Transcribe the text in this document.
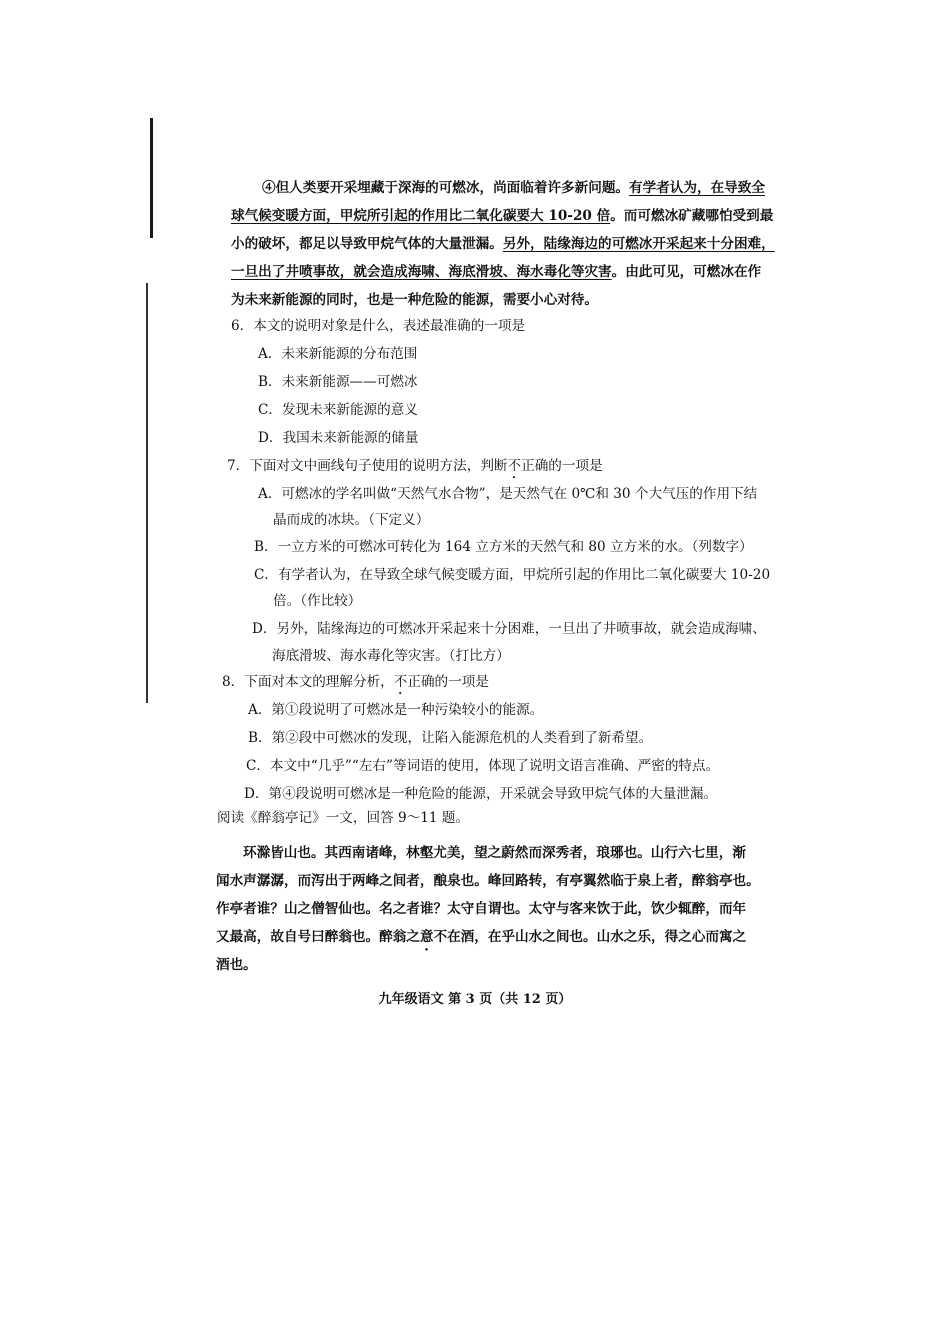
④但人类要开采埋藏于深海的可燃冰，尚面临着许多新问题。有学者认为，在导致全
球气候变暖方面，甲烷所引起的作用比二氧化碳要大 10-20 倍。而可燃冰矿藏哪怕受到最
小的破坏，都足以导致甲烷气体的大量泄漏。另外，陆缘海边的可燃冰开采起来十分困难，
一旦出了井喷事故，就会造成海啸、海底滑坡、海水毒化等灾害。由此可见，可燃冰在作
为未来新能源的同时，也是一种危险的能源，需要小心对待。
6．本文的说明对象是什么，表述最准确的一项是
A．未来新能源的分布范围
B．未来新能源——可燃冰
C．发现未来新能源的意义
D．我国未来新能源的储量
7．下面对文中画线句子使用的说明方法，判断不正确的一项是
A．可燃冰的学名叫做“天然气水合物”，是天然气在 0℃和 30 个大气压的作用下结
晶而成的冰块。（下定义）
B．一立方米的可燃冰可转化为 164 立方米的天然气和 80 立方米的水。（列数字）
C．有学者认为，在导致全球气候变暖方面，甲烷所引起的作用比二氧化碳要大 10-20
倍。（作比较）
D．另外，陆缘海边的可燃冰开采起来十分困难，一旦出了井喷事故，就会造成海啸、
海底滑坡、海水毒化等灾害。（打比方）
8．下面对本文的理解分析，不正确的一项是
A．第①段说明了可燃冰是一种污染较小的能源。
B．第②段中可燃冰的发现，让陷入能源危机的人类看到了新希望。
C．本文中“几乎”“左右”等词语的使用，体现了说明文语言准确、严密的特点。
D．第④段说明可燃冰是一种危险的能源，开采就会导致甲烷气体的大量泄漏。
阅读《醉翁亭记》一文，回答 9～11 题。
环滁皆山也。其西南诸峰，林壑尤美，望之蔚然而深秀者，琅琊也。山行六七里，渐
闻水声潺潺，而泻出于两峰之间者，酿泉也。峰回路转，有亭翼然临于泉上者，醉翁亭也。
作亭者谁？山之僧智仙也。名之者谁？太守自谓也。太守与客来饮于此，饮少辄醉，而年
又最高，故自号曰醉翁也。醉翁之意不在酒，在乎山水之间也。山水之乐，得之心而寓之
酒也。
九年级语文 第 3 页（共 12 页）
